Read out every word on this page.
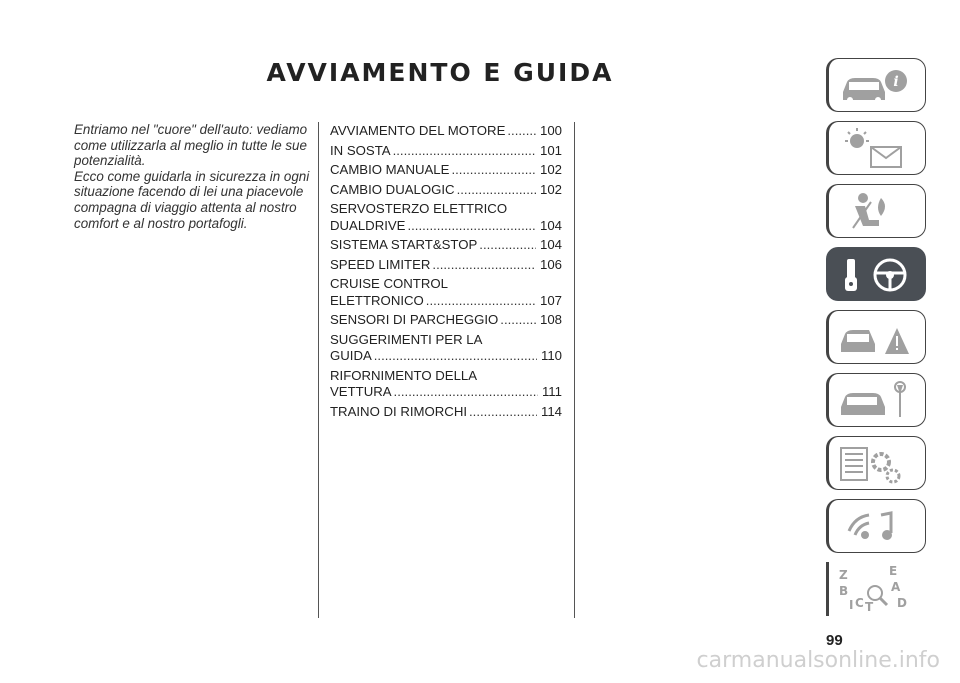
AVVIAMENTO E GUIDA

Entriamo nel "cuore" dell'auto: vediamo come utilizzarla al meglio in tutte le sue potenzialità.

Ecco come guidarla in sicurezza in ogni situazione facendo di lei una piacevole compagna di viaggio attenta al nostro comfort e al nostro portafogli.

AVVIAMENTO DEL MOTORE .....	100
IN SOSTA .....	101
CAMBIO MANUALE .....	102
CAMBIO DUALOGIC .....	102
SERVOSTERZO ELETTRICO
DUALDRIVE .....	104
SISTEMA START&STOP .....	104
SPEED LIMITER .....	106
CRUISE CONTROL
ELETTRONICO .....	107
SENSORI DI PARCHEGGIO .....	108
SUGGERIMENTI PER LA
GUIDA .....	110
RIFORNIMENTO DELLA
VETTURA .....	111
TRAINO DI RIMORCHI .....	114
i
Z	E ABC	DI T
99
carmanualsonline.info
